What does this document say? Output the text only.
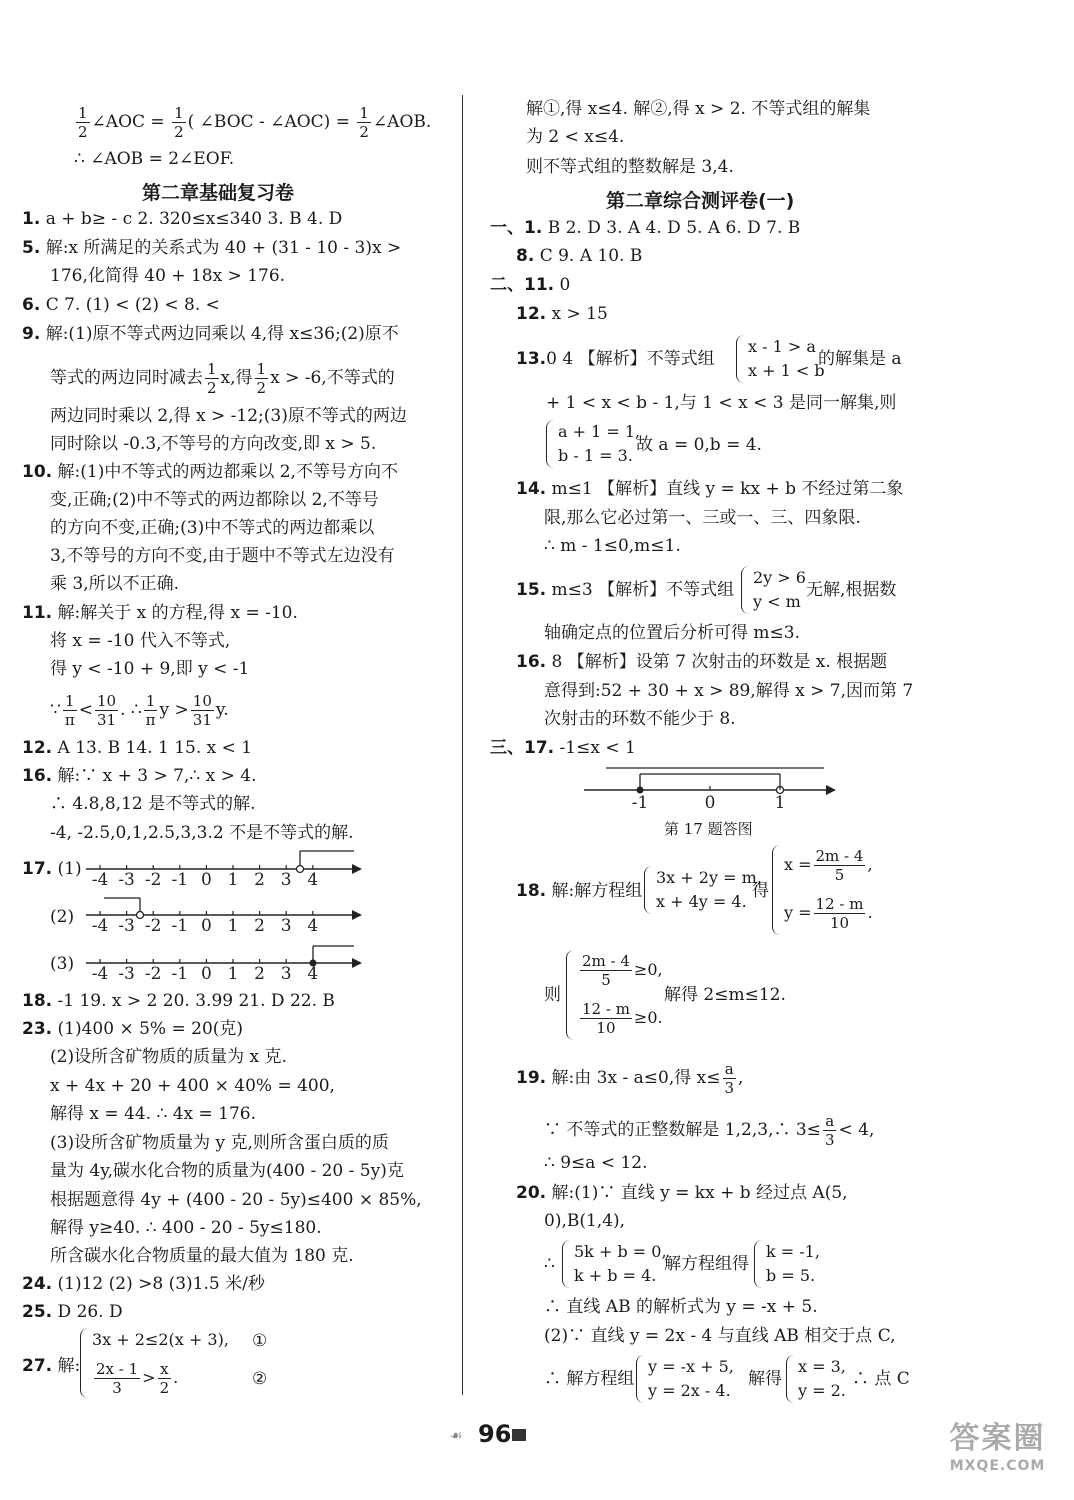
$\frac{1}{2}$ ∠AOC = $\frac{1}{2}$ ( ∠BOC - ∠AOC) = $\frac{1}{2}$ ∠AOB.
∴ ∠AOB = 2∠EOF.
第二章基础复习卷
1. a + b≥ - c 2. 320≤x≤340 3. B 4. D
5. 解:x 所满足的关系式为 40 + (31 - 10 - 3)x >
176,化简得 40 + 18x > 176.
6. C 7. (1) < (2) < 8. <
9. 解:(1)原不等式两边同乘以 4,得 x≤36;(2)原不
等式的两边同时减去 $\frac{1}{2} x$,得 $\frac{1}{2}$ x > -6,不等式的
两边同时乘以 2,得 x > -12;(3)原不等式的两边
同时除以 -0.3,不等号的方向改变,即 x > 5.
10. 解:(1)中不等式的两边都乘以 2,不等号方向不
变,正确;(2)中不等式的两边都除以 2,不等号
的方向不变,正确;(3)中不等式的两边都乘以
3,不等号的方向不变,由于题中不等式左边没有
乘 3,所以不正确.
11. 解:解关于 x 的方程,得 x = -10.
将 x = -10 代入不等式,
得 y < -10 + 9,即 y < -1
∵ $\frac{1}{\pi} < \frac{10}{31}$ . ∴ $\frac{1}{\pi}$ $y > \frac{10}{31} y$.
12. A 13. B 14. 1 15. x < 1
16. 解:∵ x + 3 > 7,∴ x > 4.
∴ 4.8,8,12 是不等式的解.
-4, -2.5,0,1,2.5,3,3.2 不是不等式的解.
17. (1)
(2)
(3)
-4 -3 -2 -1 0 1 2 3 4
-4 -3 -2 -1 0 1 2 3 4
-4 -3 -2 -1 0 1 2 3 4
18. -1 19. x > 2 20. 3.99 21. D 22. B
23. (1)400 × 5% = 20(克)
(2)设所含矿物质的质量为 x 克.
x + 4x + 20 + 400 × 40% = 400,
解得 x = 44. ∴ 4x = 176.
(3)设所含矿物质量为 y 克,则所含蛋白质的质
量为 4y,碳水化合物的质量为(400 - 20 - 5y)克
根据题意得 4y + (400 - 20 - 5y)≤400 × 85%,
解得 y≥40. ∴ 400 - 20 - 5y≤180.
所含碳水化合物质量的最大值为 180 克.
24. (1)12 (2) >8 (3)1.5 米/秒
25. D 26. D
27. 解:
3x + 2≤2(x + 3),
$\frac{2x - 1}{3} > \frac{x}{2}$ .
①
②
解①,得 x≤4. 解②,得 x > 2. 不等式组的解集
为 2 < x≤4.
则不等式组的整数解是 3,4.
第二章综合测评卷(一)
一、1. B 2. D 3. A 4. D 5. A 6. D 7. B
8. C 9. A 10. B
二、11. 0
12. x > 15
13.0 4 【解析】不等式组
x - 1 > a
x + 1 < b
的解集是 a
+ 1 < x < b - 1,与 1 < x < 3 是同一解集,则
a + 1 = 1,
b - 1 = 3.
故 a = 0,b = 4.
14. m≤1 【解析】直线 y = kx + b 不经过第二象
限,那么它必过第一、三或一、三、四象限.
∴ m - 1≤0,m≤1.
15. m≤3 【解析】不等式组
2y > 6
y < m
无解,根据数
轴确定点的位置后分析可得 m≤3.
16. 8 【解析】设第 7 次射击的环数是 x. 根据题
意得到:52 + 30 + x > 89,解得 x > 7,因而第 7
次射击的环数不能少于 8.
三、17. -1≤x < 1
-1	0	1
第 17 题答图
18. 解:解方程组
3x + 2y = m,
x + 4y = 4.
得
$x = \frac{2m - 4}{5}$ ,
$y = \frac{12 - m}{10}$ .
则
$\frac{2m - 4}{5} \ge 0$,
$\frac{12 - m}{10} \ge 0$.
解得 2≤m≤12.
19. 解:由 3x - a≤0,得 $x\le \frac{a}{3}$ ,
∵ 不等式的正整数解是 1,2,3,∴ $3\le \frac{a}{3} < 4$,
∴ 9≤a < 12.
20. 解:(1)∵ 直线 y = kx + b 经过点 A(5,
0),B(1,4),
∴
5k + b = 0,
k + b = 4.
解方程组得
k = -1,
b = 5.
∴ 直线 AB 的解析式为 y = -x + 5.
(2)∵ 直线 y = 2x - 4 与直线 AB 相交于点 C,
∴ 解方程组
y = -x + 5,
y = 2x - 4.
解得
x = 3,
y = 2.
∴ 点 C
☙ 96	答案圈
MXQE.COM
